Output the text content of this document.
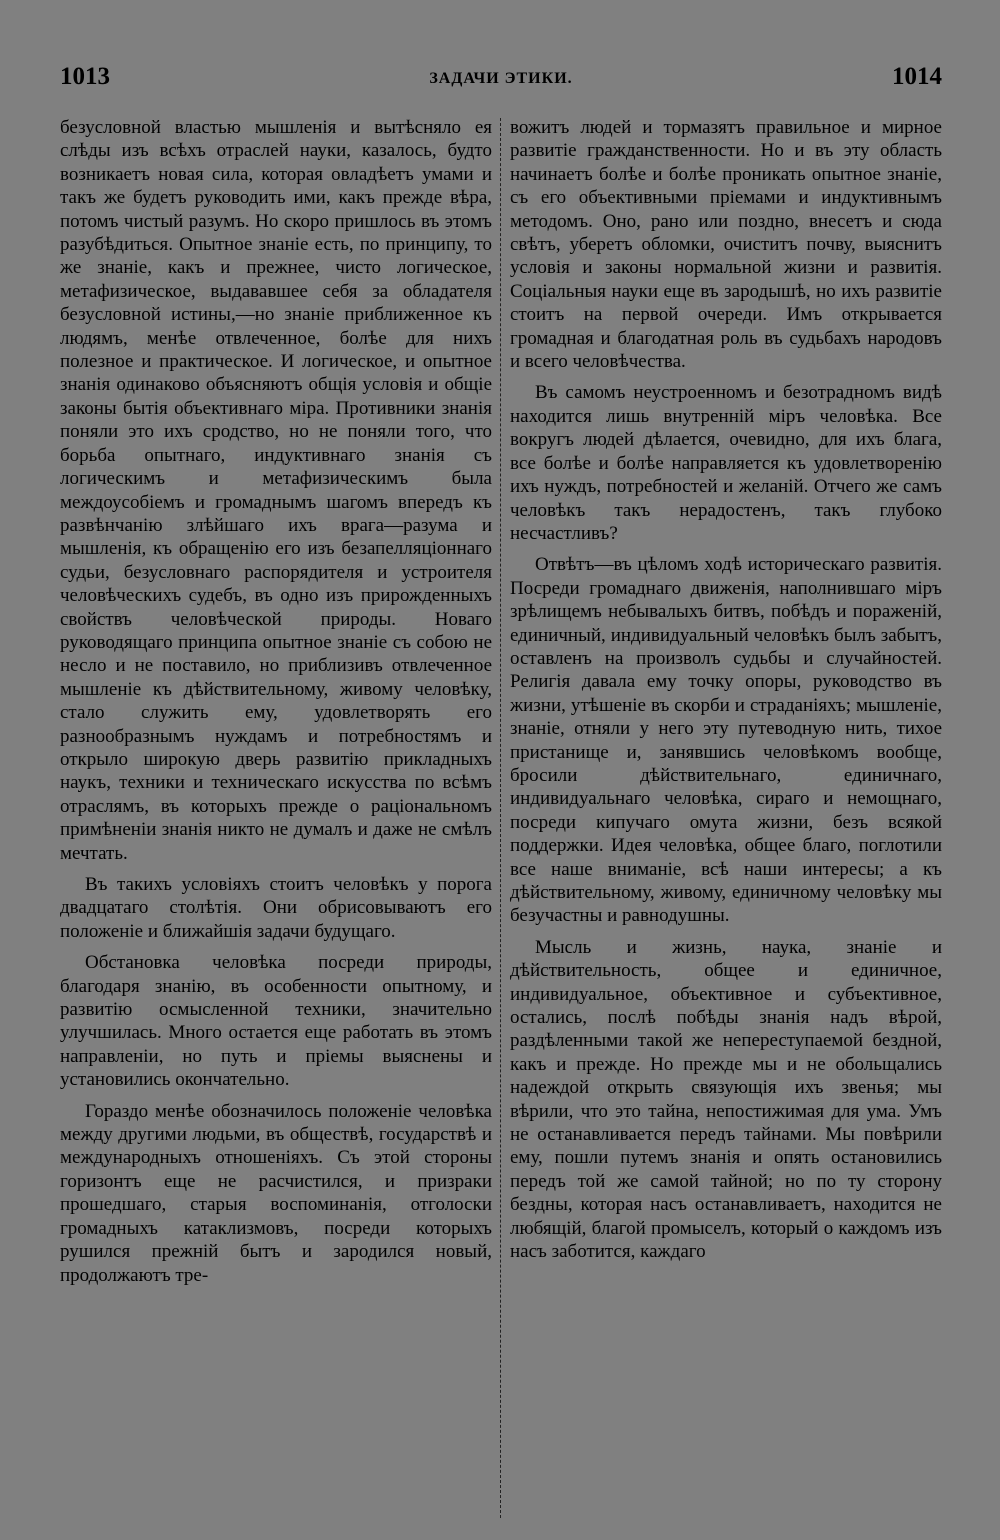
1013	ЗАДАЧИ ЭТИКИ.	1014

безусловной властью мышленія и вытѣсняло ея слѣды изъ всѣхъ отраслей науки, казалось, будто возникаетъ новая сила, которая овладѣетъ умами и такъ же будетъ руководить ими, какъ прежде вѣра, потомъ чистый разумъ. Но скоро пришлось въ этомъ разубѣдиться. Опытное знаніе есть, по принципу, то же знаніе, какъ и прежнее, чисто логическое, метафизическое, выдававшее себя за обладателя безусловной истины,—но знаніе приближенное къ людямъ, менѣе отвлеченное, болѣе для нихъ полезное и практическое. И логическое, и опытное знанія одинаково объясняютъ общія условія и общіе законы бытія объективнаго міра. Противники знанія поняли это ихъ сродство, но не поняли того, что борьба опытнаго, индуктивнаго знанія съ логическимъ и метафизическимъ была междоусобіемъ и громаднымъ шагомъ впередъ къ развѣнчанію злѣйшаго ихъ врага—разума и мышленія, къ обращенію его изъ безапелляціоннаго судьи, безусловнаго распорядителя и устроителя человѣческихъ судебъ, въ одно изъ прирожденныхъ свойствъ человѣческой природы. Новаго руководящаго принципа опытное знаніе съ собою не несло и не поставило, но приблизивъ отвлеченное мышленіе къ дѣйствительному, живому человѣку, стало служить ему, удовлетворять его разнообразнымъ нуждамъ и потребностямъ и открыло широкую дверь развитію прикладныхъ наукъ, техники и техническаго искусства по всѣмъ отраслямъ, въ которыхъ прежде о раціональномъ примѣненіи знанія никто не думалъ и даже не смѣлъ мечтать.

Въ такихъ условіяхъ стоитъ человѣкъ у порога двадцатаго столѣтія. Они обрисовываютъ его положеніе и ближайшія задачи будущаго.

Обстановка человѣка посреди природы, благодаря знанію, въ особенности опытному, и развитію осмысленной техники, значительно улучшилась. Много остается еще работать въ этомъ направленіи, но путь и пріемы выяснены и установились окончательно.

Гораздо менѣе обозначилось положеніе человѣка между другими людьми, въ обществѣ, государствѣ и международныхъ отношеніяхъ. Съ этой стороны горизонтъ еще не расчистился, и призраки прошедшаго, старыя воспоминанія, отголоски громадныхъ катаклизмовъ, посреди которыхъ рушился прежній бытъ и зародился новый, продолжаютъ тре-

вожитъ людей и тормазятъ правильное и мирное развитіе гражданственности. Но и въ эту область начинаетъ болѣе и болѣе проникать опытное знаніе, съ его объективными пріемами и индуктивнымъ методомъ. Оно, рано или поздно, внесетъ и сюда свѣтъ, уберетъ обломки, очиститъ почву, выяснитъ условія и законы нормальной жизни и развитія. Соціальныя науки еще въ зародышѣ, но ихъ развитіе стоитъ на первой очереди. Имъ открывается громадная и благодатная роль въ судьбахъ народовъ и всего человѣчества.

Въ самомъ неустроенномъ и безотрадномъ видѣ находится лишь внутренній міръ человѣка. Все вокругъ людей дѣлается, очевидно, для ихъ блага, все болѣе и болѣе направляется къ удовлетворенію ихъ нуждъ, потребностей и желаній. Отчего же самъ человѣкъ такъ нерадостенъ, такъ глубоко несчастливъ?

Отвѣтъ—въ цѣломъ ходѣ историческаго развитія. Посреди громаднаго движенія, наполнившаго міръ зрѣлищемъ небывалыхъ битвъ, побѣдъ и пораженій, единичный, индивидуальный человѣкъ былъ забытъ, оставленъ на произволъ судьбы и случайностей. Религія давала ему точку опоры, руководство въ жизни, утѣшеніе въ скорби и страданіяхъ; мышленіе, знаніе, отняли у него эту путеводную нить, тихое пристанище и, занявшись человѣкомъ вообще, бросили дѣйствительнаго, единичнаго, индивидуальнаго человѣка, сираго и немощнаго, посреди кипучаго омута жизни, безъ всякой поддержки. Идея человѣка, общее благо, поглотили все наше вниманіе, всѣ наши интересы; а къ дѣйствительному, живому, единичному человѣку мы безучастны и равнодушны.

Мысль и жизнь, наука, знаніе и дѣйствительность, общее и единичное, индивидуальное, объективное и субъективное, остались, послѣ побѣды знанія надъ вѣрой, раздѣленными такой же непереступаемой бездной, какъ и прежде. Но прежде мы и не обольщались надеждой открыть связующія ихъ звенья; мы вѣрили, что это тайна, непостижимая для ума. Умъ не останавливается передъ тайнами. Мы повѣрили ему, пошли путемъ знанія и опять остановились передъ той же самой тайной; но по ту сторону бездны, которая насъ останавливаетъ, находится не любящій, благой промыселъ, который о каждомъ изъ насъ заботится, каждаго
